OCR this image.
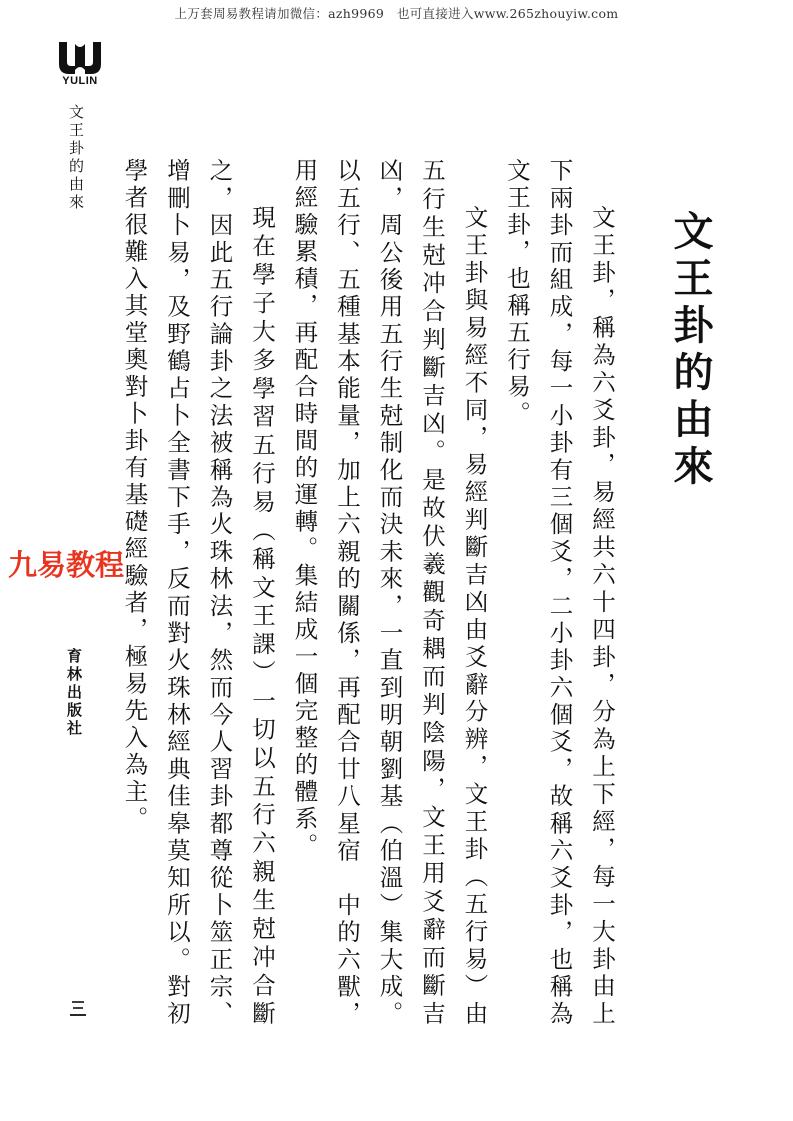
上万套周易教程请加微信：azh9969　也可直接进入www.265zhouyiw.com
YULIN
文王卦的由來
育林出版社
文王卦的由來

文王卦，稱為六爻卦，易經共六十四卦，分為上下經，每一大卦由上下兩卦而組成，每一小卦有三個爻，二小卦六個爻，故稱六爻卦，也稱為文王卦，也稱五行易。

文王卦與易經不同，易經判斷吉凶由爻辭分辨，文王卦（五行易）由五行生尅冲合判斷吉凶。是故伏羲觀奇耦而判陰陽，文王用爻辭而斷吉凶，周公後用五行生尅制化而決未來，一直到明朝劉基（伯溫）集大成。以五行、五種基本能量，加上六親的關係，再配合廿八星宿　中的六獸，用經驗累積，再配合時間的運轉。集結成一個完整的體系。

現在學子大多學習五行易（稱文王課）一切以五行六親生尅冲合斷之，因此五行論卦之法被稱為火珠林法，然而今人習卦都尊從卜筮正宗、增刪卜易，及野鶴占卜全書下手，反而對火珠林經典佳皋莫知所以。對初學者很難入其堂奧對卜卦有基礎經驗者，極易先入為主。

九易教程
